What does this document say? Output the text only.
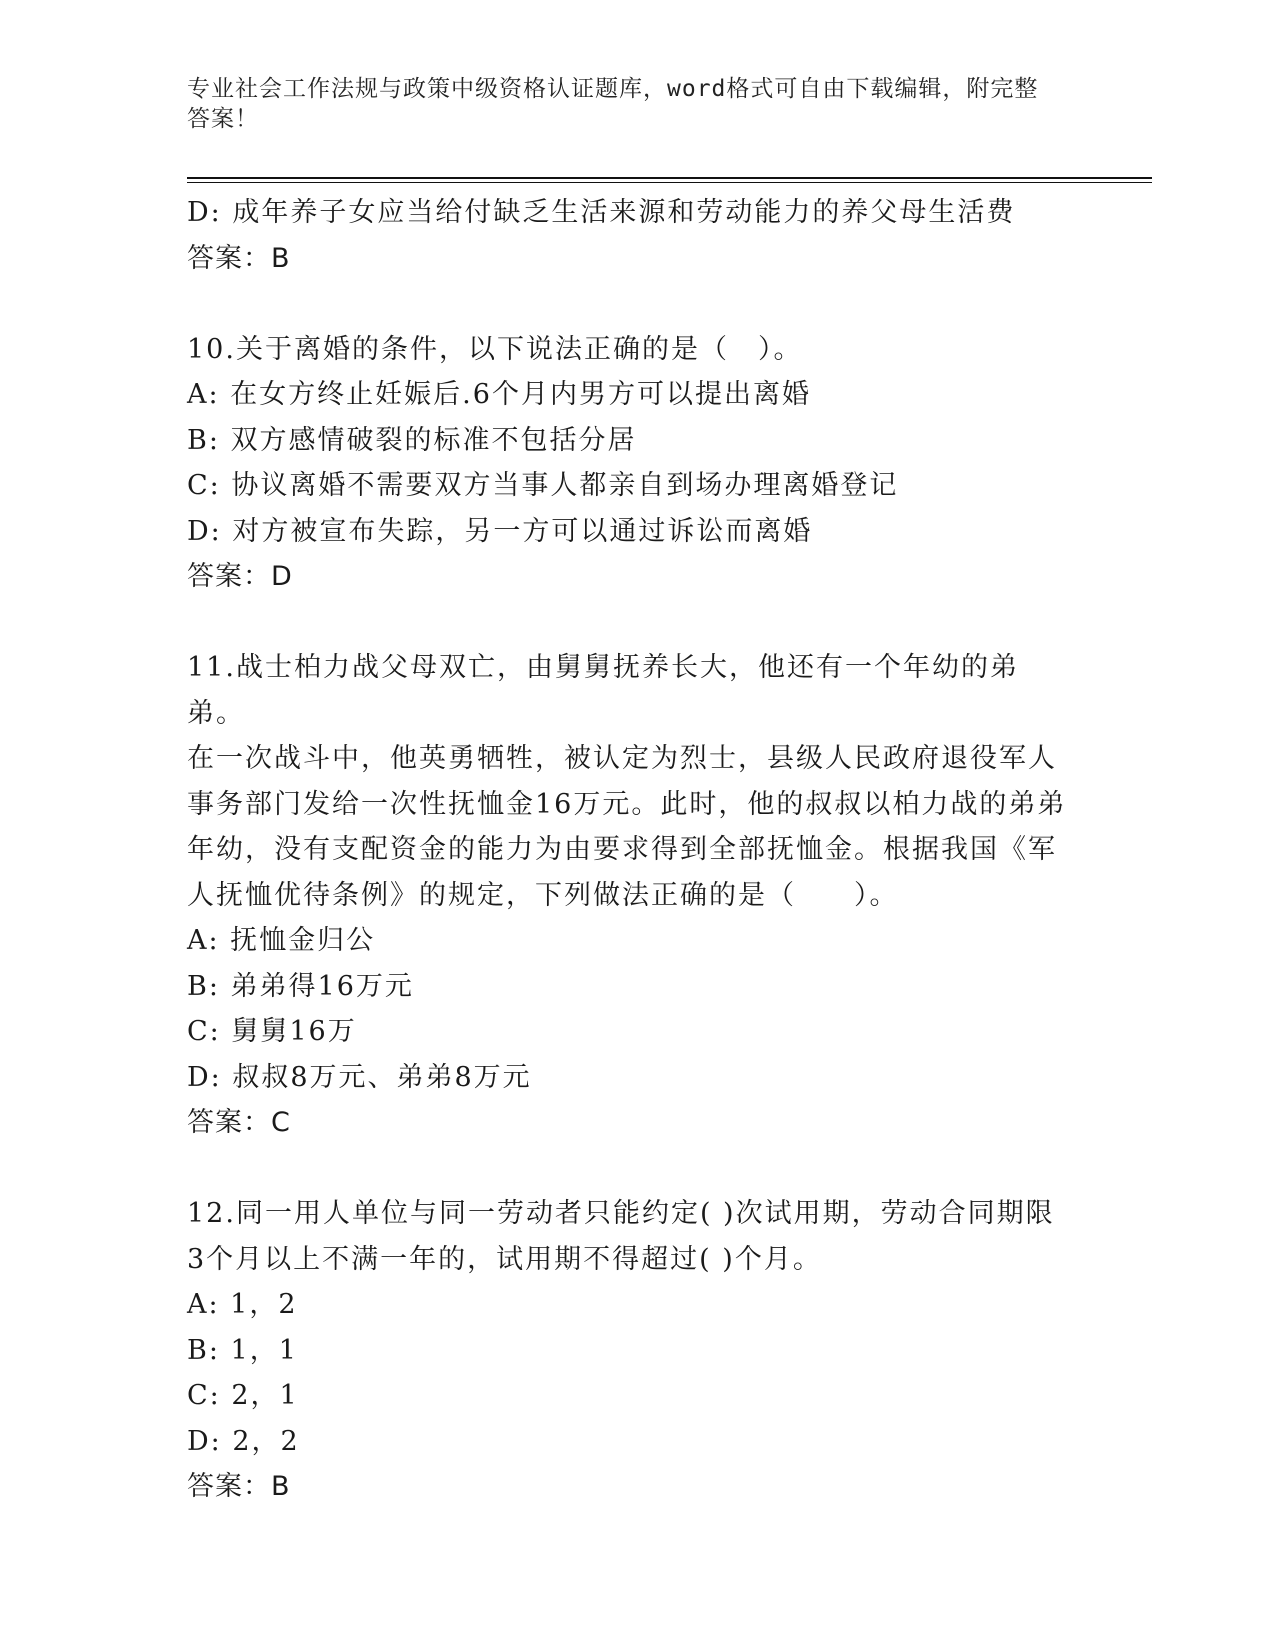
专业社会工作法规与政策中级资格认证题库，word格式可自由下载编辑，附完整
答案！
D: 成年养子女应当给付缺乏生活来源和劳动能力的养父母生活费
答案：B
10.关于离婚的条件，以下说法正确的是（　）。
A: 在女方终止妊娠后.6个月内男方可以提出离婚
B: 双方感情破裂的标准不包括分居
C: 协议离婚不需要双方当事人都亲自到场办理离婚登记
D: 对方被宣布失踪，另一方可以通过诉讼而离婚
答案：D
11.战士柏力战父母双亡，由舅舅抚养长大，他还有一个年幼的弟弟。
在一次战斗中，他英勇牺牲，被认定为烈士，县级人民政府退役军人
事务部门发给一次性抚恤金16万元。此时，他的叔叔以柏力战的弟弟
年幼，没有支配资金的能力为由要求得到全部抚恤金。根据我国《军
人抚恤优待条例》的规定，下列做法正确的是（　　）。
A: 抚恤金归公
B: 弟弟得16万元
C: 舅舅16万
D: 叔叔8万元、弟弟8万元
答案：C
12.同一用人单位与同一劳动者只能约定( )次试用期，劳动合同期限
3个月以上不满一年的，试用期不得超过( )个月。
A: 1，2
B: 1，1
C: 2，1
D: 2，2
答案：B
